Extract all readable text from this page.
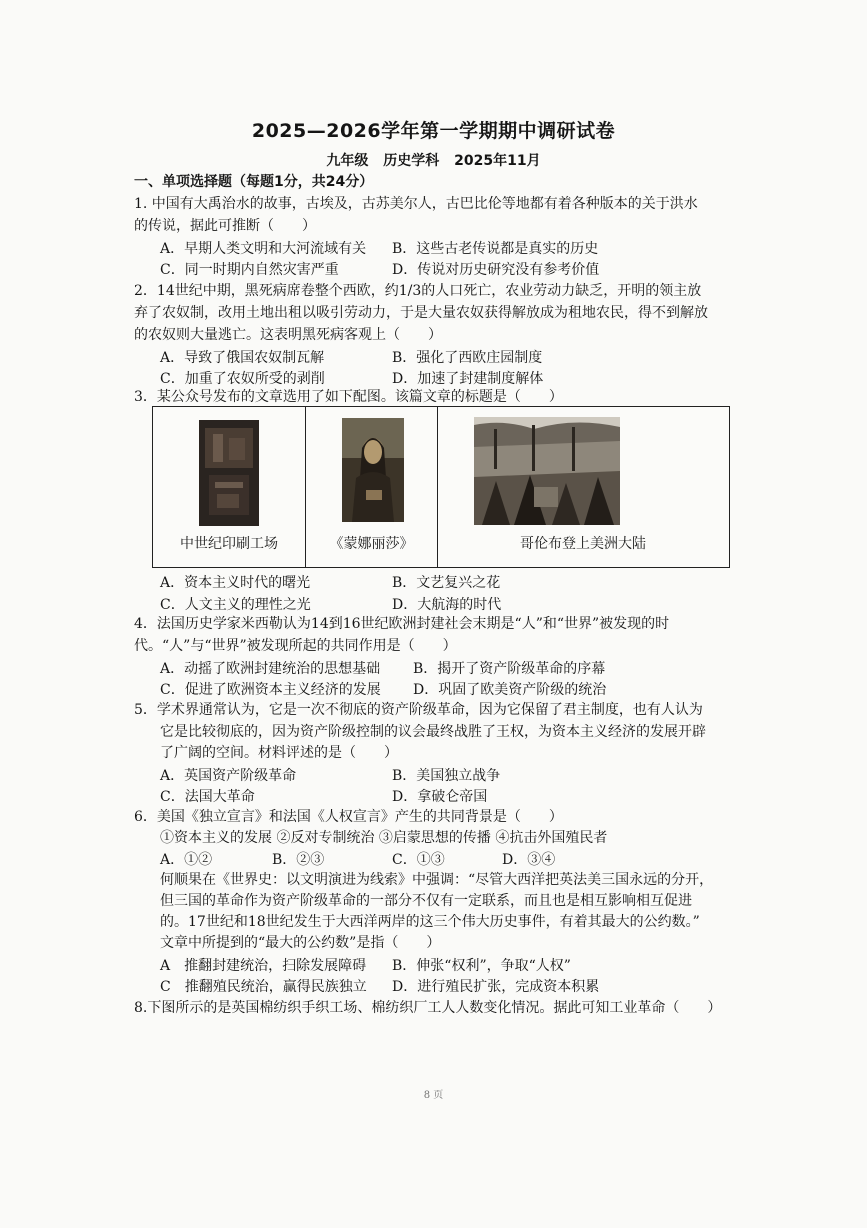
2025—2026学年第一学期期中调研试卷
九年级 历史学科 2025年11月
一、单项选择题（每题1分，共24分）
1. 中国有大禹治水的故事，古埃及，古苏美尔人，古巴比伦等地都有着各种版本的关于洪水
的传说，据此可推断（　　）
A．早期人类文明和大河流域有关 B．这些古老传说都是真实的历史
C．同一时期内自然灾害严重	D．传说对历史研究没有参考价值
2．14世纪中期，黑死病席卷整个西欧，约1/3的人口死亡，农业劳动力缺乏，开明的领主放
弃了农奴制，改用土地出租以吸引劳动力，于是大量农奴获得解放成为租地农民，得不到解放
的农奴则大量逃亡。这表明黑死病客观上（　　）
A．导致了俄国农奴制瓦解	B．强化了西欧庄园制度
C．加重了农奴所受的剥削	D．加速了封建制度解体
3．某公众号发布的文章选用了如下配图。该篇文章的标题是（　　）
中世纪印刷工场	《蒙娜丽莎》	哥伦布登上美洲大陆
A．资本主义时代的曙光	B．文艺复兴之花
C．人文主义的理性之光	D．大航海的时代
4．法国历史学家米西勒认为14到16世纪欧洲封建社会末期是“人”和“世界”被发现的时
代。“人”与“世界”被发现所起的共同作用是（　　）
A．动摇了欧洲封建统治的思想基础 B．揭开了资产阶级革命的序幕
C．促进了欧洲资本主义经济的发展 D．巩固了欧美资产阶级的统治
5．学术界通常认为，它是一次不彻底的资产阶级革命，因为它保留了君主制度，也有人认为
它是比较彻底的，因为资产阶级控制的议会最终战胜了王权，为资本主义经济的发展开辟
了广阔的空间。材料评述的是（　　）
A．英国资产阶级革命	B．美国独立战争
C．法国大革命	D．拿破仑帝国
6．美国《独立宣言》和法国《人权宣言》产生的共同背景是（　　）
①资本主义的发展 ②反对专制统治 ③启蒙思想的传播 ④抗击外国殖民者
A．①②	B．②③	C．①③	D．③④
何顺果在《世界史：以文明演进为线索》中强调：“尽管大西洋把英法美三国永远的分开，
但三国的革命作为资产阶级革命的一部分不仅有一定联系，而且也是相互影响相互促进
的。17世纪和18世纪发生于大西洋两岸的这三个伟大历史事件，有着其最大的公约数。”
文章中所提到的“最大的公约数”是指（　　）
A　推翻封建统治，扫除发展障碍 B．伸张“权利”，争取“人权”
C　推翻殖民统治，赢得民族独立 D．进行殖民扩张，完成资本积累
8.下图所示的是英国棉纺织手织工场、棉纺织厂工人人数变化情况。据此可知工业革命（　　）
8 页
